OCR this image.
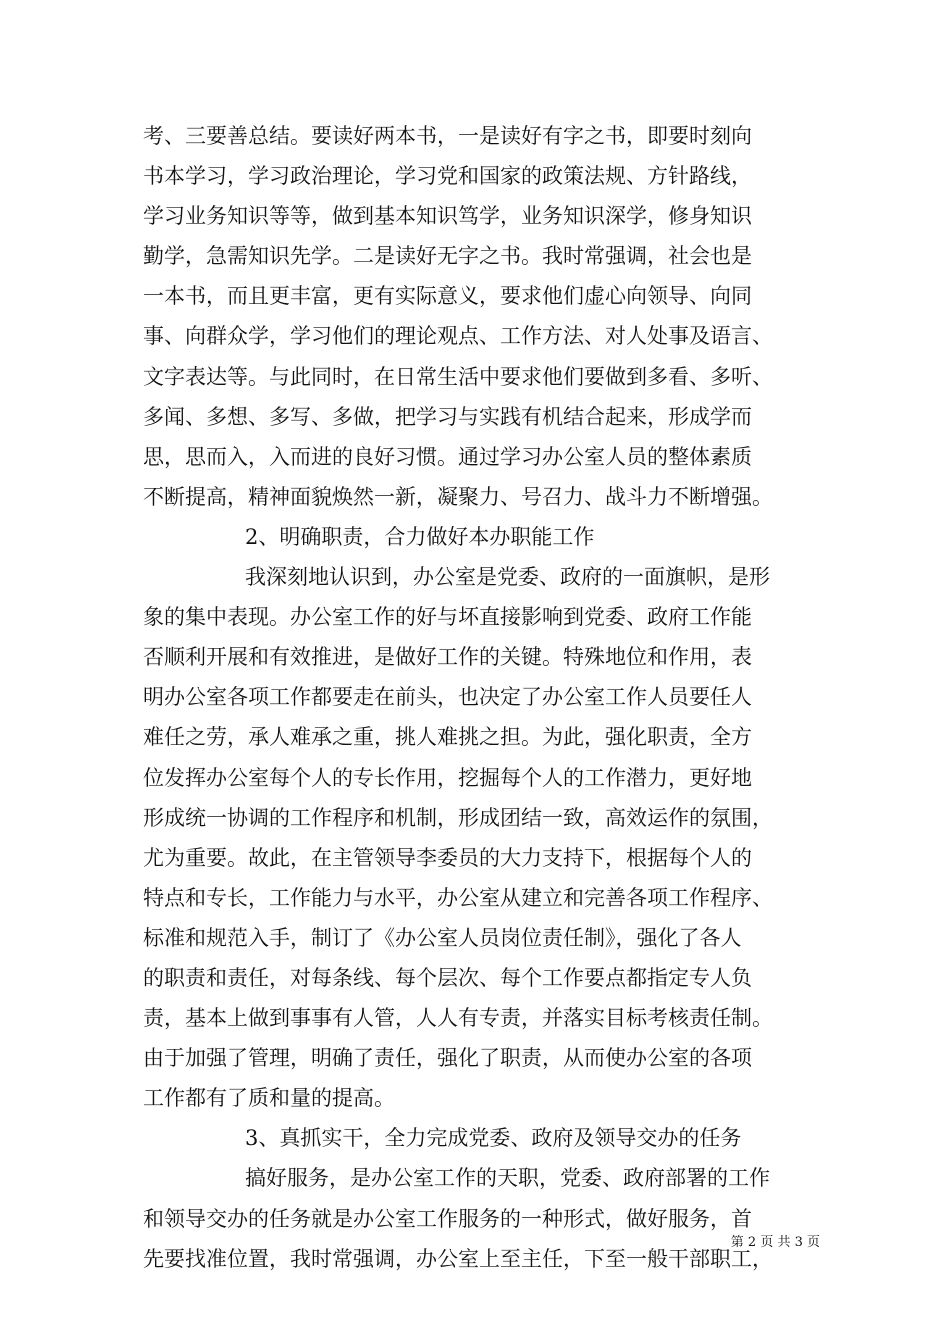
考、三要善总结。要读好两本书，一是读好有字之书，即要时刻向
书本学习，学习政治理论，学习党和国家的政策法规、方针路线，
学习业务知识等等，做到基本知识笃学，业务知识深学，修身知识
勤学，急需知识先学。二是读好无字之书。我时常强调，社会也是
一本书，而且更丰富，更有实际意义，要求他们虚心向领导、向同
事、向群众学，学习他们的理论观点、工作方法、对人处事及语言、
文字表达等。与此同时，在日常生活中要求他们要做到多看、多听、
多闻、多想、多写、多做，把学习与实践有机结合起来，形成学而
思，思而入，入而进的良好习惯。通过学习办公室人员的整体素质
不断提高，精神面貌焕然一新，凝聚力、号召力、战斗力不断增强。
2、明确职责，合力做好本办职能工作
我深刻地认识到，办公室是党委、政府的一面旗帜，是形
象的集中表现。办公室工作的好与坏直接影响到党委、政府工作能
否顺利开展和有效推进，是做好工作的关键。特殊地位和作用，表
明办公室各项工作都要走在前头，也决定了办公室工作人员要任人
难任之劳，承人难承之重，挑人难挑之担。为此，强化职责，全方
位发挥办公室每个人的专长作用，挖掘每个人的工作潜力，更好地
形成统一协调的工作程序和机制，形成团结一致，高效运作的氛围，
尤为重要。故此，在主管领导李委员的大力支持下，根据每个人的
特点和专长，工作能力与水平，办公室从建立和完善各项工作程序、
标准和规范入手，制订了《办公室人员岗位责任制》，强化了各人
的职责和责任，对每条线、每个层次、每个工作要点都指定专人负
责，基本上做到事事有人管，人人有专责，并落实目标考核责任制。
由于加强了管理，明确了责任，强化了职责，从而使办公室的各项
工作都有了质和量的提高。
3、真抓实干，全力完成党委、政府及领导交办的任务
搞好服务，是办公室工作的天职，党委、政府部署的工作
和领导交办的任务就是办公室工作服务的一种形式，做好服务，首
先要找准位置，我时常强调，办公室上至主任，下至一般干部职工，
第 2 页 共 3 页
